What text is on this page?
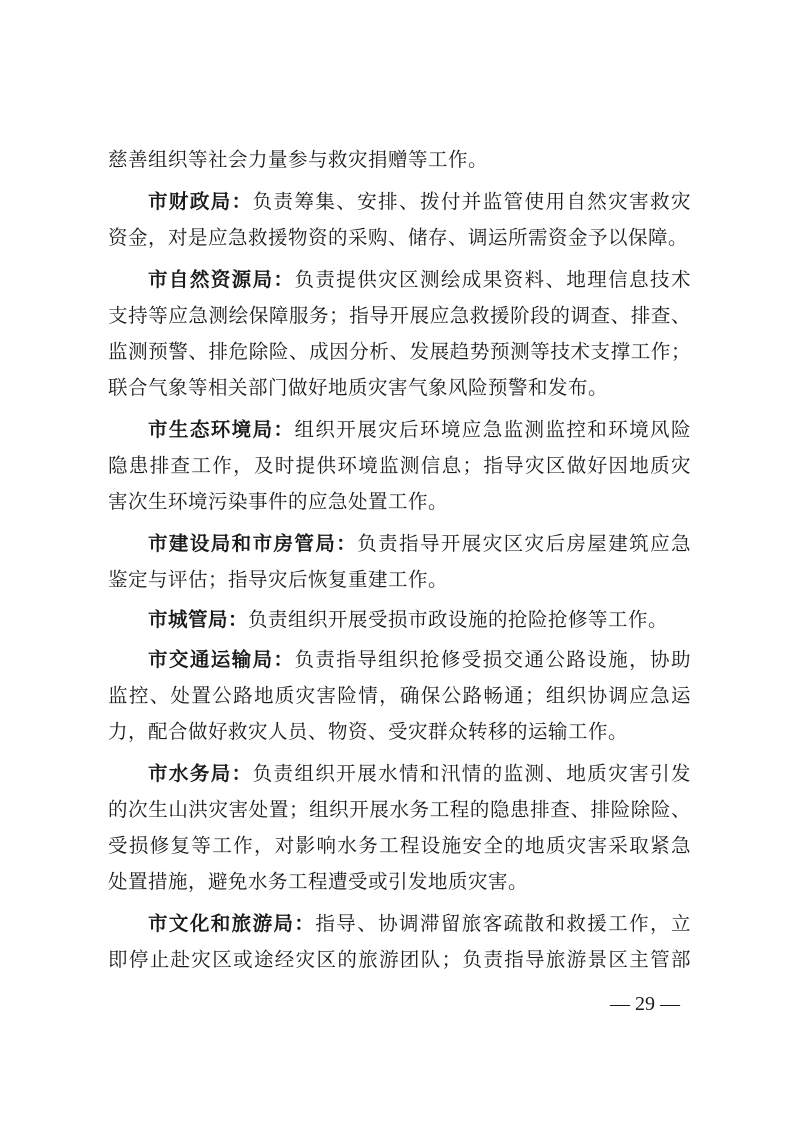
慈善组织等社会力量参与救灾捐赠等工作。
市财政局：负责筹集、安排、拨付并监管使用自然灾害救灾
资金，对是应急救援物资的采购、储存、调运所需资金予以保障。
市自然资源局：负责提供灾区测绘成果资料、地理信息技术
支持等应急测绘保障服务；指导开展应急救援阶段的调查、排查、
监测预警、排危除险、成因分析、发展趋势预测等技术支撑工作；
联合气象等相关部门做好地质灾害气象风险预警和发布。
市生态环境局：组织开展灾后环境应急监测监控和环境风险
隐患排查工作，及时提供环境监测信息；指导灾区做好因地质灾
害次生环境污染事件的应急处置工作。
市建设局和市房管局：负责指导开展灾区灾后房屋建筑应急
鉴定与评估；指导灾后恢复重建工作。
市城管局：负责组织开展受损市政设施的抢险抢修等工作。
市交通运输局：负责指导组织抢修受损交通公路设施，协助
监控、处置公路地质灾害险情，确保公路畅通；组织协调应急运
力，配合做好救灾人员、物资、受灾群众转移的运输工作。
市水务局：负责组织开展水情和汛情的监测、地质灾害引发
的次生山洪灾害处置；组织开展水务工程的隐患排查、排险除险、
受损修复等工作，对影响水务工程设施安全的地质灾害采取紧急
处置措施，避免水务工程遭受或引发地质灾害。
市文化和旅游局：指导、协调滞留旅客疏散和救援工作，立
即停止赴灾区或途经灾区的旅游团队；负责指导旅游景区主管部
— 29 —
